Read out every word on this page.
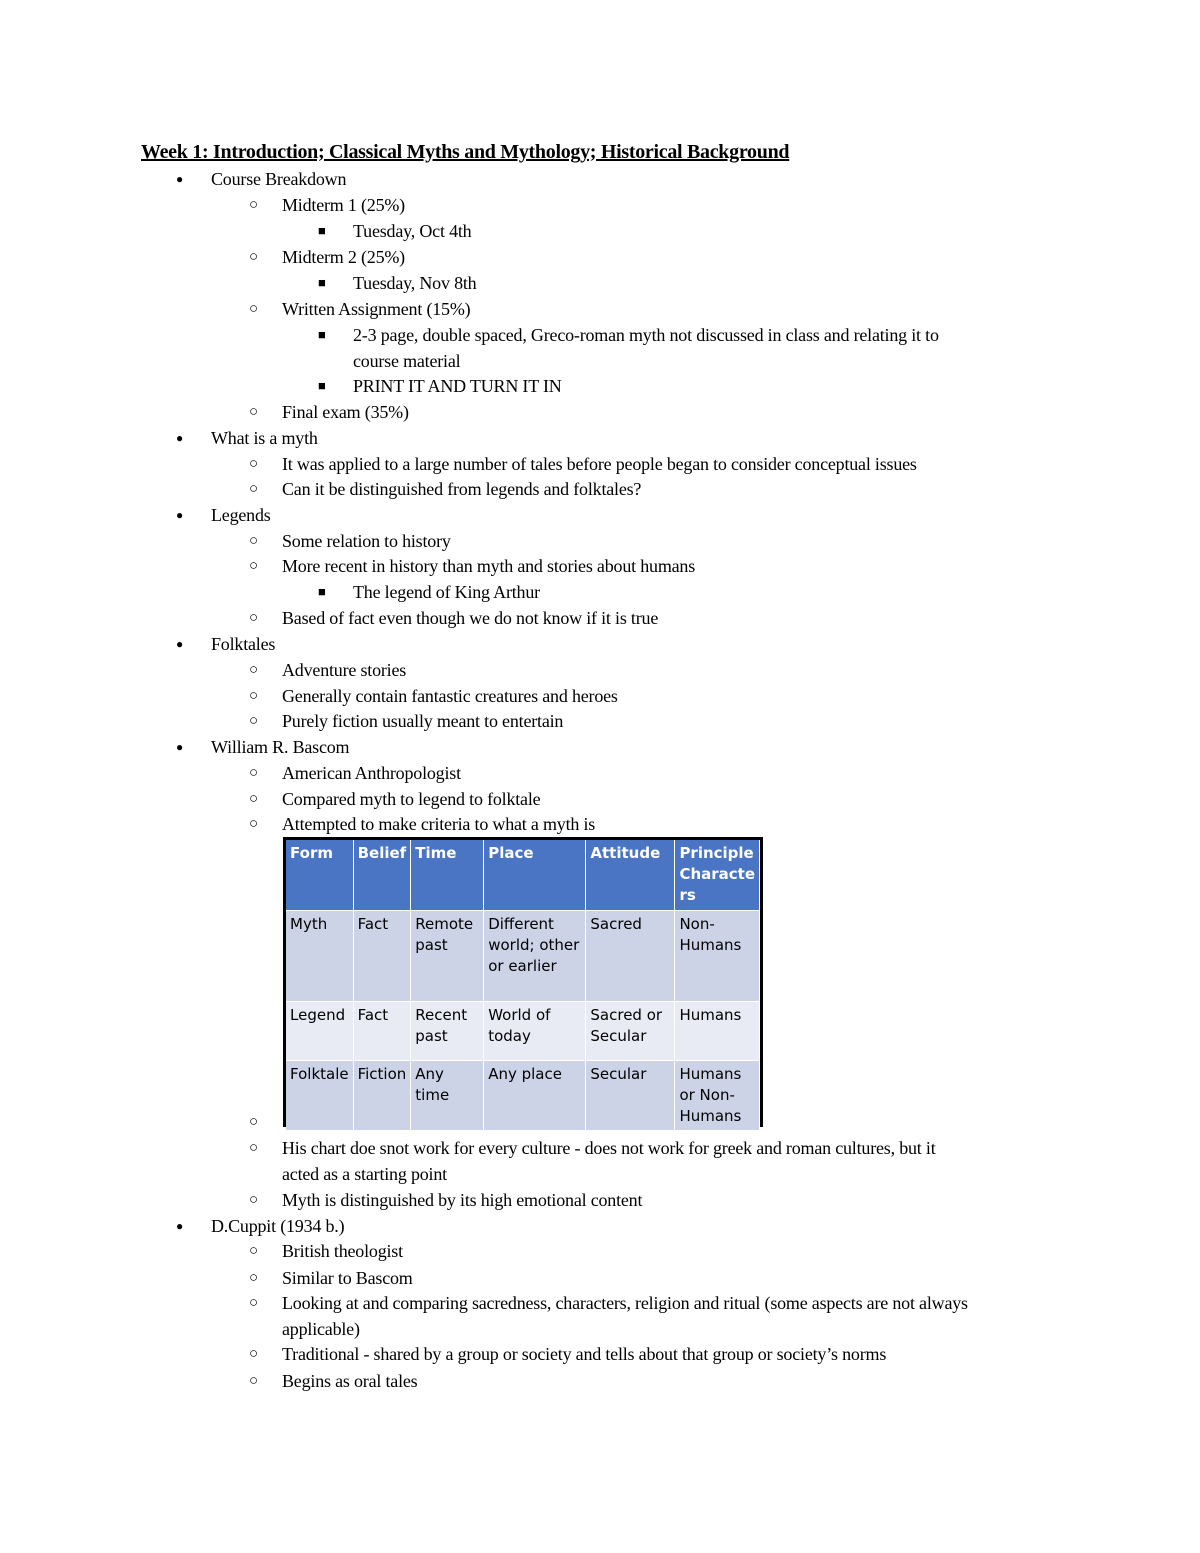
Week 1: Introduction; Classical Myths and Mythology; Historical Background
● Course Breakdown
○ Midterm 1 (25%)
■ Tuesday, Oct 4th
○ Midterm 2 (25%)
■ Tuesday, Nov 8th
○ Written Assignment (15%)
■ 2-3 page, double spaced, Greco-roman myth not discussed in class and relating it to
course material
■ PRINT IT AND TURN IT IN
○ Final exam (35%)
● What is a myth
○ It was applied to a large number of tales before people began to consider conceptual issues
○ Can it be distinguished from legends and folktales?
● Legends
○ Some relation to history
○ More recent in history than myth and stories about humans
■ The legend of King Arthur
○ Based of fact even though we do not know if it is true
● Folktales
○ Adventure stories
○ Generally contain fantastic creatures and heroes
○ Purely fiction usually meant to entertain
● William R. Bascom
○ American Anthropologist
○ Compared myth to legend to folktale
○ Attempted to make criteria to what a myth is
Form	Belief	Time	Place	Attitude	Principle Characte rs
Myth	Fact	Remote past	Different world; other or earlier	Sacred	Non-Humans
Legend	Fact	Recent past	World of today	Sacred or Secular	Humans
Folktale	Fiction	Any time	Any place	Secular	Humans or Non-Humans
○
○ His chart doe snot work for every culture - does not work for greek and roman cultures, but it
acted as a starting point
○ Myth is distinguished by its high emotional content
● D.Cuppit (1934 b.)
○ British theologist
○ Similar to Bascom
○ Looking at and comparing sacredness, characters, religion and ritual (some aspects are not always
applicable)
○ Traditional - shared by a group or society and tells about that group or society’s norms
○ Begins as oral tales
